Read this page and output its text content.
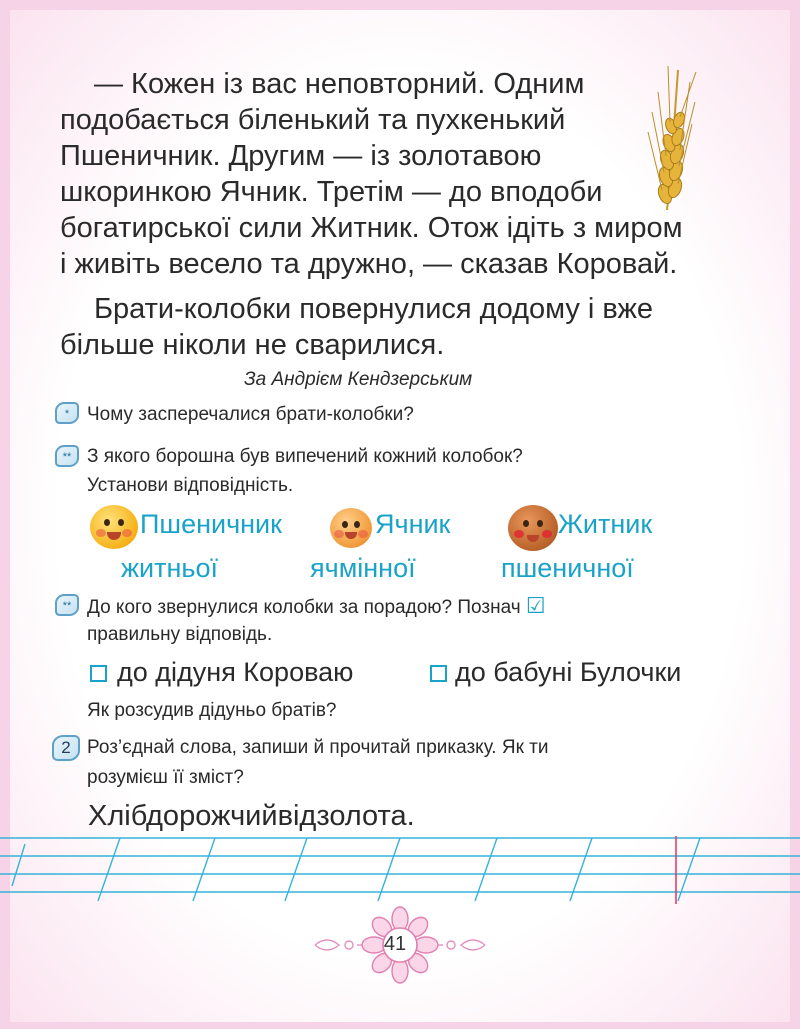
— Кожен із вас неповторний. Одним
подобається біленький та пухкенький
Пшеничник. Другим — із золотавою
шкоринкою Ячник. Третім — до вподоби
богатирської сили Житник. Отож ідіть з миром
і живіть весело та дружно, — сказав Коровай.
Брати-колобки повернулися додому і вже
більше ніколи не сварилися.
За Андрієм Кендзерським
* Чому засперечалися брати-колобки?
** З якого борошна був випечений кожний колобок?
Установи відповідність.
Пшеничник	Ячник	Житник
житньої	ячмінної	пшеничної
** До кого звернулися колобки за порадою? Познач ☑
правильну відповідь.
до дідуня Короваю	до бабуні Булочки
Як розсудив дідуньо братів?
2 Роз’єднай слова, запиши й прочитай приказку. Як ти
розумієш її зміст?
Хлібдорожчийвідзолота.
41
